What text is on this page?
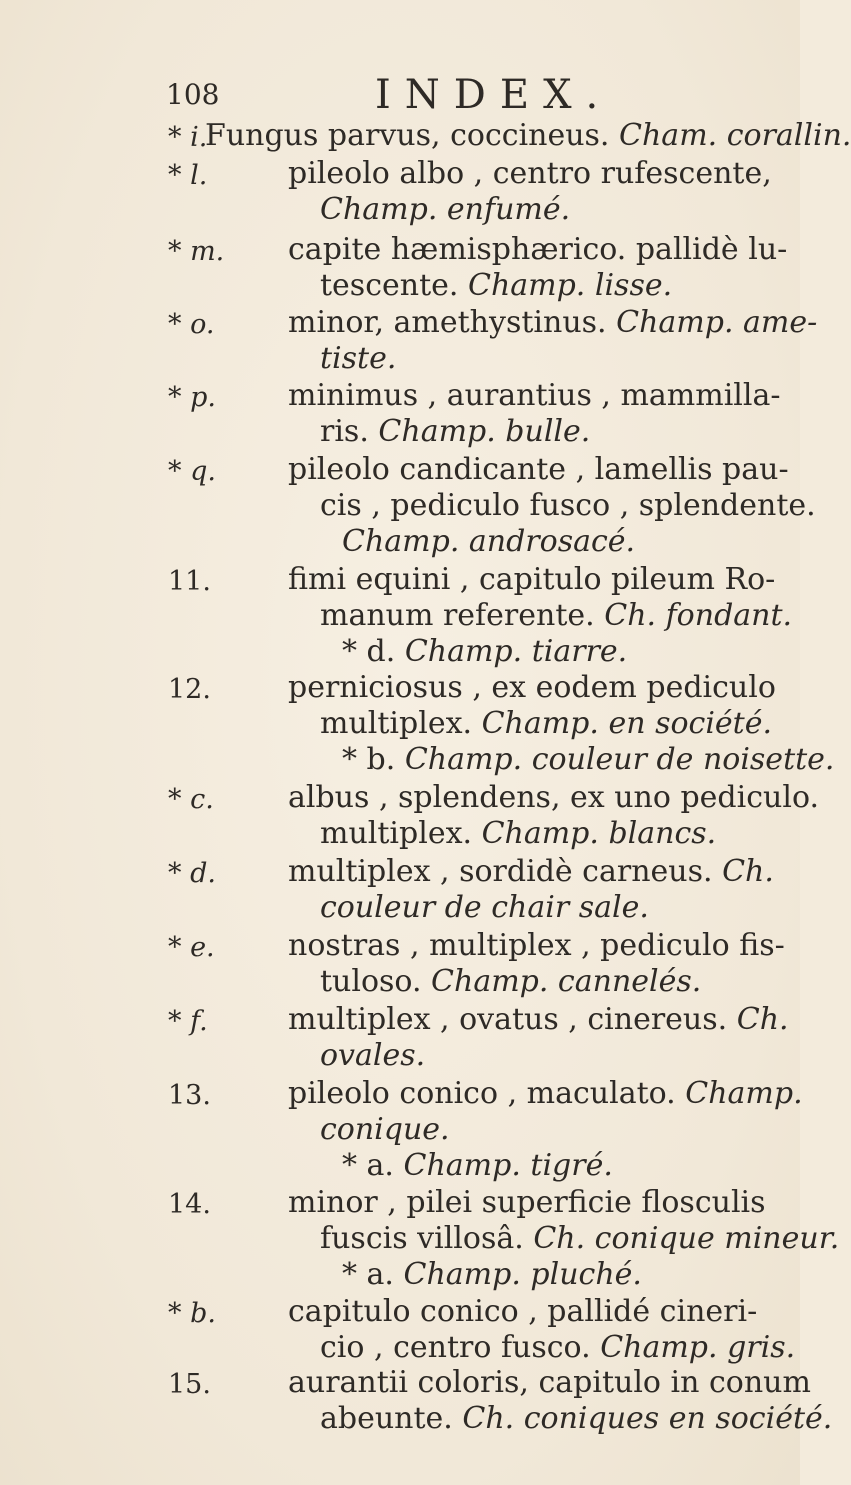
108	INDEX.
* i.
Fungus parvus, coccineus. Cham. corallin.
* l.	pileolo albo , centro rufescente,
Champ. enfumé.
* m.	capite hæmisphærico. pallidè lu-
tescente. Champ. lisse.
* o.	minor, amethystinus. Champ. ame-
tiste.
* p.	minimus , aurantius , mammilla-
ris. Champ. bulle.
* q.	pileolo candicante , lamellis pau-
cis , pediculo fusco , splendente.
Champ. androsacé.
11.	fimi equini , capitulo pileum Ro-
manum referente. Ch. fondant.
* d. Champ. tiarre.
12.	perniciosus , ex eodem pediculo
multiplex. Champ. en société.
* b. Champ. couleur de noisette.
* c.	albus , splendens, ex uno pediculo.
multiplex. Champ. blancs.
* d.	multiplex , sordidè carneus. Ch.
couleur de chair sale.
* e.	nostras , multiplex , pediculo fis-
tuloso. Champ. cannelés.
* f.	multiplex , ovatus , cinereus. Ch.
ovales.
13.	pileolo conico , maculato. Champ.
conique.
* a. Champ. tigré.
14.	minor , pilei superficie flosculis
fuscis villosâ. Ch. conique mineur.
* a. Champ. pluché.
* b.	capitulo conico , pallidé cineri-
cio , centro fusco. Champ. gris.
15.	aurantii coloris, capitulo in conum
abeunte. Ch. coniques en société.
